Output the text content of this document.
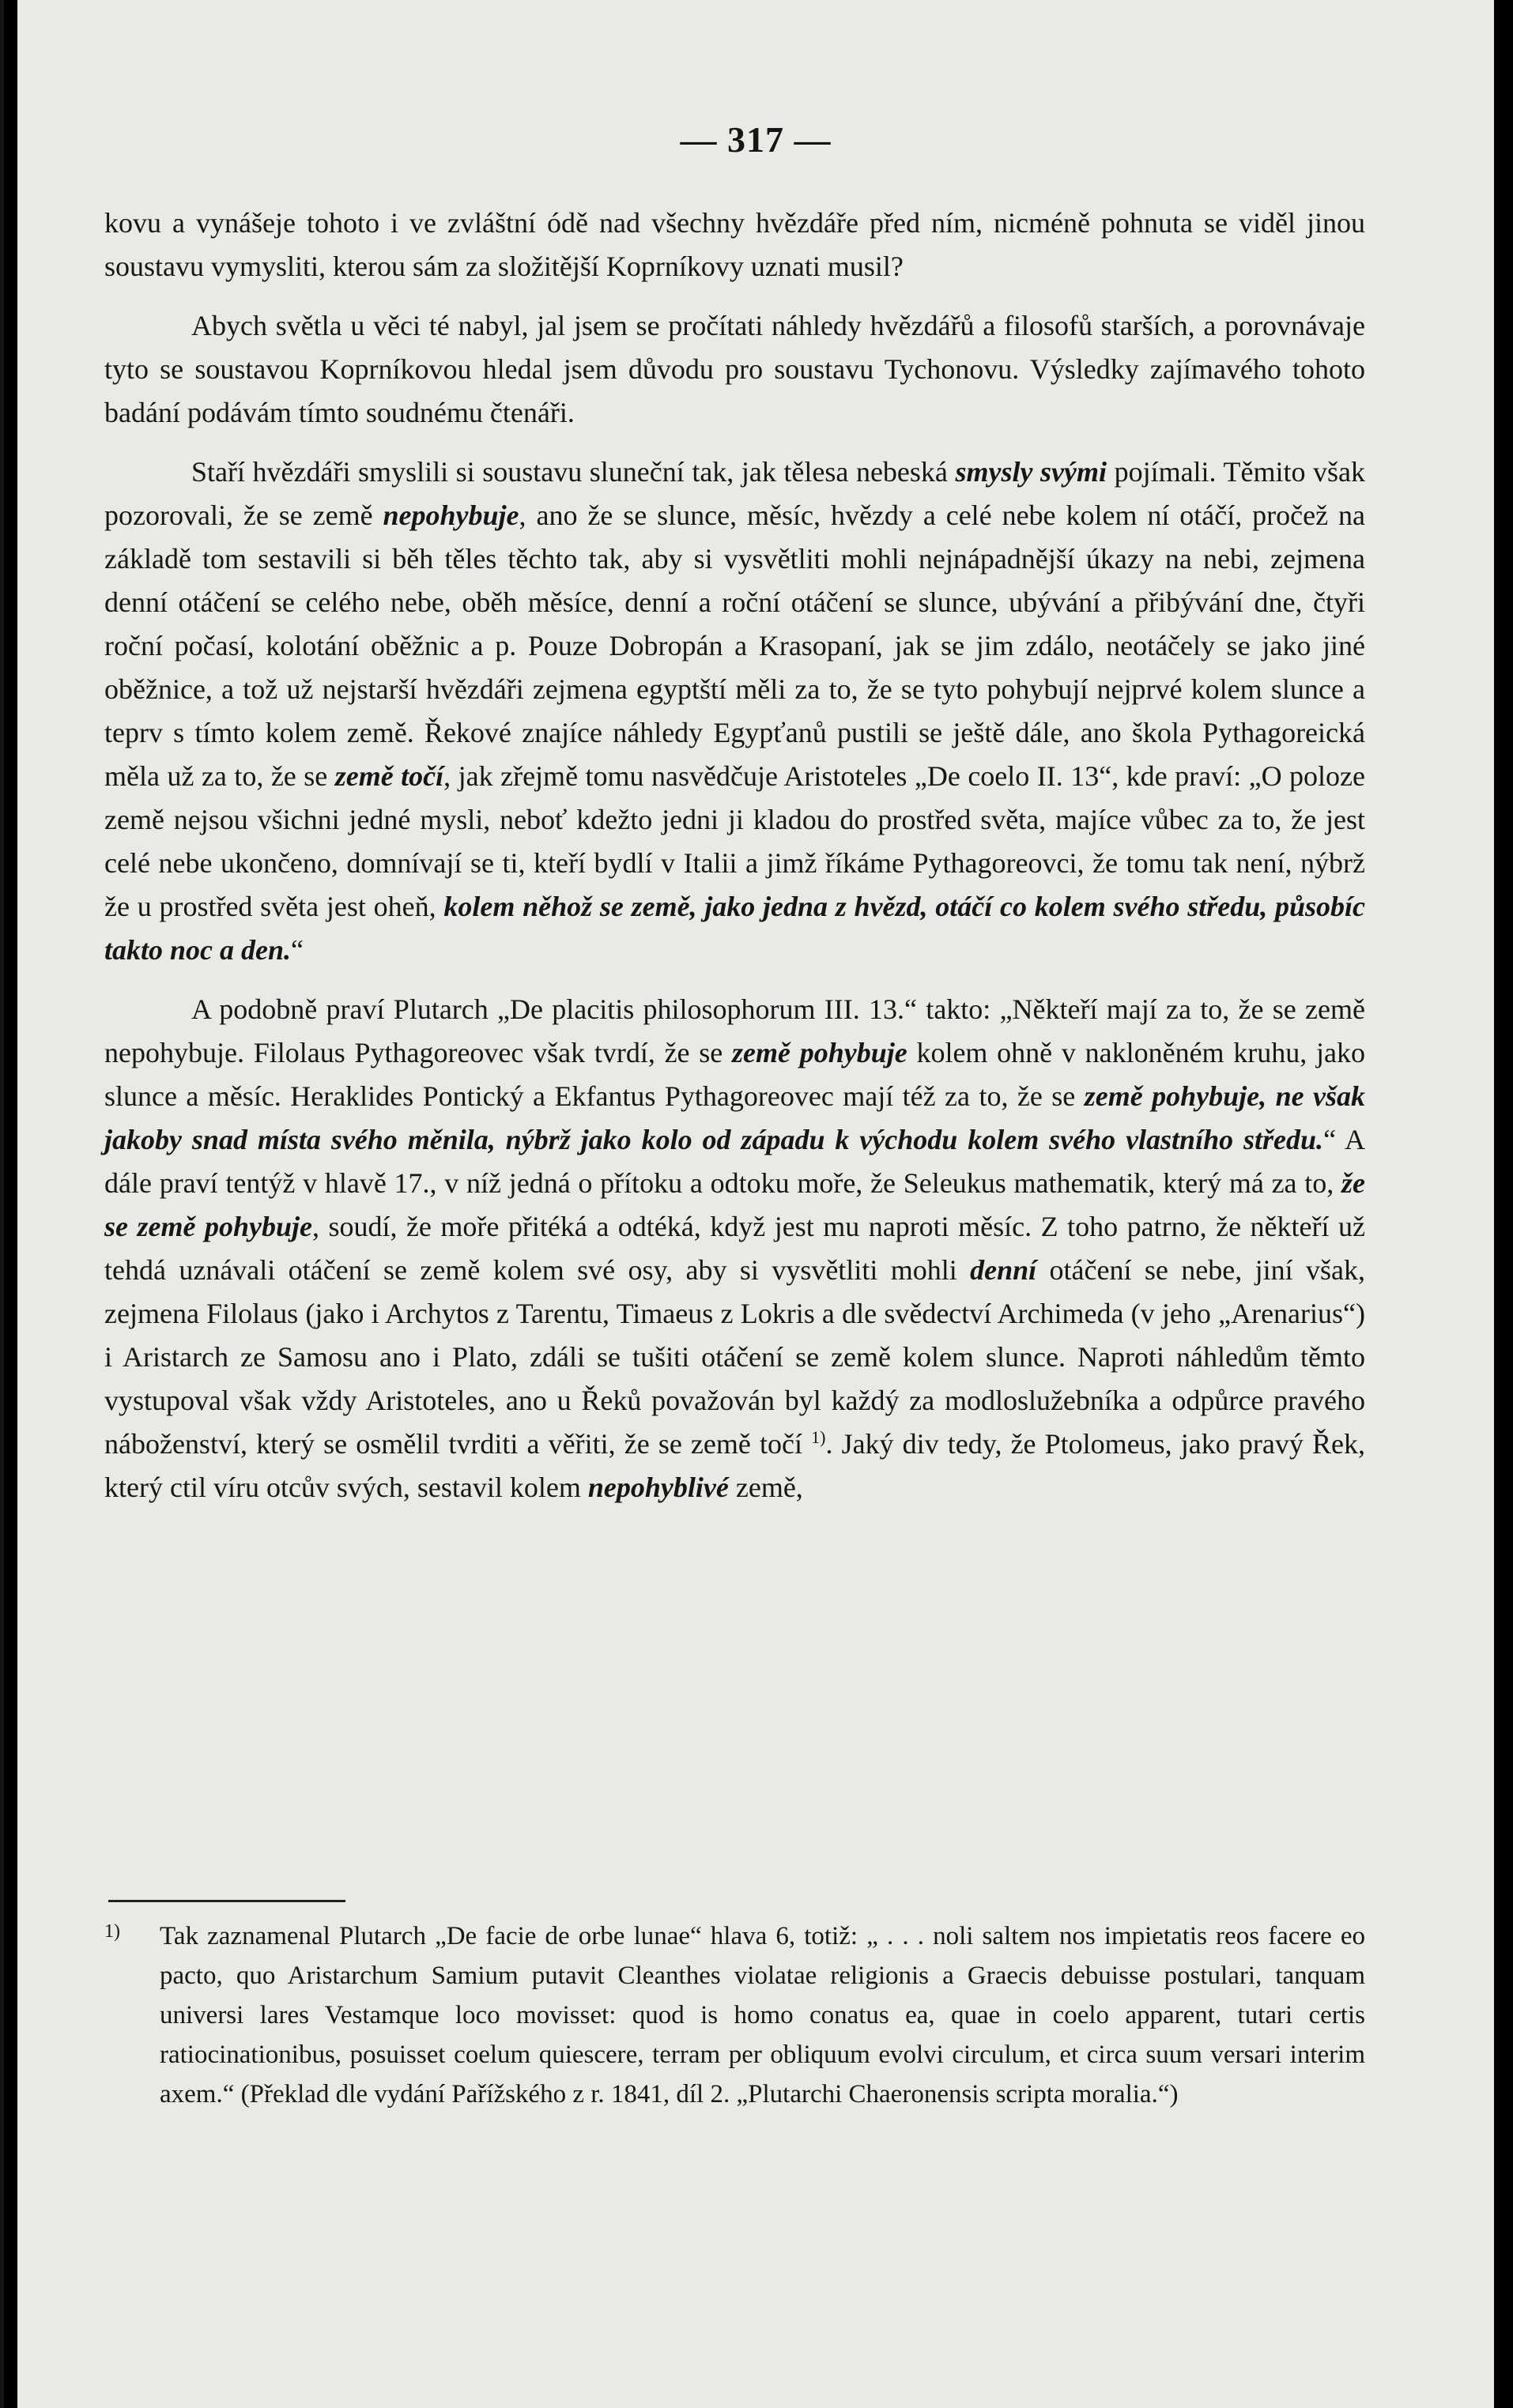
— 317 —

kovu a vynášeje tohoto i ve zvláštní ódě nad všechny hvězdáře před ním, nicméně pohnuta se viděl jinou soustavu vymysliti, kterou sám za složitější Koprníkovy uznati musil?

Abych světla u věci té nabyl, jal jsem se pročítati náhledy hvězdářů a filosofů starších, a porovnávaje tyto se soustavou Koprníkovou hledal jsem důvodu pro soustavu Tychonovu. Výsledky zajímavého tohoto badání podávám tímto soudnému čtenáři.

Staří hvězdáři smyslili si soustavu sluneční tak, jak tělesa nebeská smysly svými pojímali. Těmito však pozorovali, že se země nepohybuje, ano že se slunce, měsíc, hvězdy a celé nebe kolem ní otáčí, pročež na základě tom sestavili si běh těles těchto tak, aby si vysvětliti mohli nejnápadnější úkazy na nebi, zejmena denní otáčení se celého nebe, oběh měsíce, denní a roční otáčení se slunce, ubývání a přibývání dne, čtyři roční počasí, kolotání oběžnic a p. Pouze Dobropán a Krasopaní, jak se jim zdálo, neotáčely se jako jiné oběžnice, a tož už nejstarší hvězdáři zejmena egyptští měli za to, že se tyto pohybují nejprvé kolem slunce a teprv s tímto kolem země. Řekové znajíce náhledy Egypťanů pustili se ještě dále, ano škola Pythagoreická měla už za to, že se země točí, jak zřejmě tomu nasvědčuje Aristoteles „De coelo II. 13“, kde praví: „O poloze země nejsou všichni jedné mysli, neboť kdežto jedni ji kladou do prostřed světa, majíce vůbec za to, že jest celé nebe ukončeno, domnívají se ti, kteří bydlí v Italii a jimž říkáme Pythagoreovci, že tomu tak není, nýbrž že u prostřed světa jest oheň, kolem něhož se země, jako jedna z hvězd, otáčí co kolem svého středu, působíc takto noc a den.“

A podobně praví Plutarch „De placitis philosophorum III. 13.“ takto: „Někteří mají za to, že se země nepohybuje. Filolaus Pythagoreovec však tvrdí, že se země pohybuje kolem ohně v nakloněném kruhu, jako slunce a měsíc. Heraklides Pontický a Ekfantus Pythagoreovec mají též za to, že se země pohybuje, ne však jakoby snad místa svého měnila, nýbrž jako kolo od západu k východu kolem svého vlastního středu.“ A dále praví tentýž v hlavě 17., v níž jedná o přítoku a odtoku moře, že Seleukus mathematik, který má za to, že se země pohybuje, soudí, že moře přitéká a odtéká, když jest mu naproti měsíc. Z toho patrno, že někteří už tehdá uznávali otáčení se země kolem své osy, aby si vysvětliti mohli denní otáčení se nebe, jiní však, zejmena Filolaus (jako i Archytos z Tarentu, Timaeus z Lokris a dle svědectví Archimeda (v jeho „Arenarius“) i Aristarch ze Samosu ano i Plato, zdáli se tušiti otáčení se země kolem slunce. Naproti náhledům těmto vystupoval však vždy Aristoteles, ano u Řeků považován byl každý za modloslužebníka a odpůrce pravého náboženství, který se osmělil tvrditi a věřiti, že se země točí $^{1)}$. Jaký div tedy, že Ptolomeus, jako pravý Řek, který ctil víru otcův svých, sestavil kolem nepohyblivé země,

1) Tak zaznamenal Plutarch „De facie de orbe lunae“ hlava 6, totiž: „ . . . noli saltem nos impietatis reos facere eo pacto, quo Aristarchum Samium putavit Cleanthes violatae religionis a Graecis debuisse postulari, tanquam universi lares Vestamque loco movisset: quod is homo conatus ea, quae in coelo apparent, tutari certis ratiocinationibus, posuisset coelum quiescere, terram per obliquum evolvi circulum, et circa suum versari interim axem.“ (Překlad dle vydání Pařížského z r. 1841, díl 2. „Plutarchi Chaeronensis scripta moralia.“)
